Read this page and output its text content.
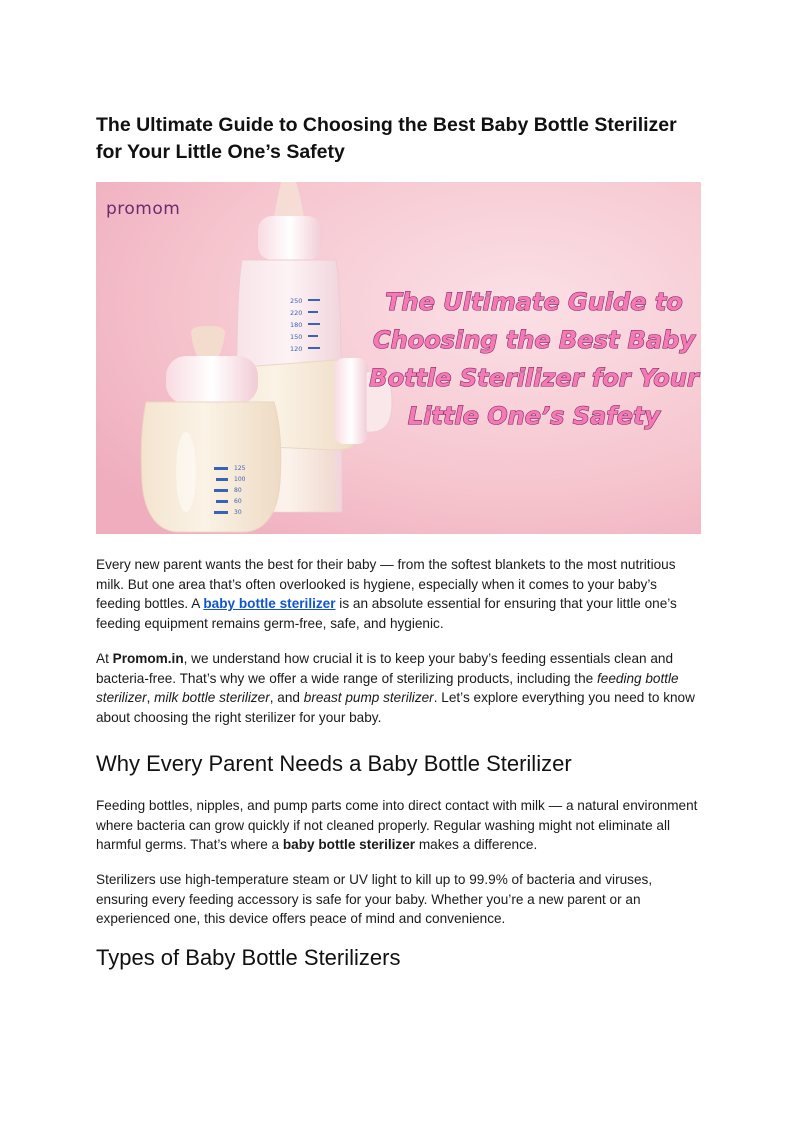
The Ultimate Guide to Choosing the Best Baby Bottle Sterilizer for Your Little One’s Safety
250
220
180
150
120
125
100
80
60
30
promom
The Ultimate Guide to
Choosing the Best Baby
Bottle Sterilizer for Your
Little One’s Safety

Every new parent wants the best for their baby — from the softest blankets to the most nutritious milk. But one area that’s often overlooked is hygiene, especially when it comes to your baby’s feeding bottles. A baby bottle sterilizer is an absolute essential for ensuring that your little one’s feeding equipment remains germ-free, safe, and hygienic.

At Promom.in, we understand how crucial it is to keep your baby’s feeding essentials clean and bacteria-free. That’s why we offer a wide range of sterilizing products, including the feeding bottle sterilizer, milk bottle sterilizer, and breast pump sterilizer. Let’s explore everything you need to know about choosing the right sterilizer for your baby.

Why Every Parent Needs a Baby Bottle Sterilizer

Feeding bottles, nipples, and pump parts come into direct contact with milk — a natural environment where bacteria can grow quickly if not cleaned properly. Regular washing might not eliminate all harmful germs. That’s where a baby bottle sterilizer makes a difference.

Sterilizers use high-temperature steam or UV light to kill up to 99.9% of bacteria and viruses, ensuring every feeding accessory is safe for your baby. Whether you’re a new parent or an experienced one, this device offers peace of mind and convenience.

Types of Baby Bottle Sterilizers
